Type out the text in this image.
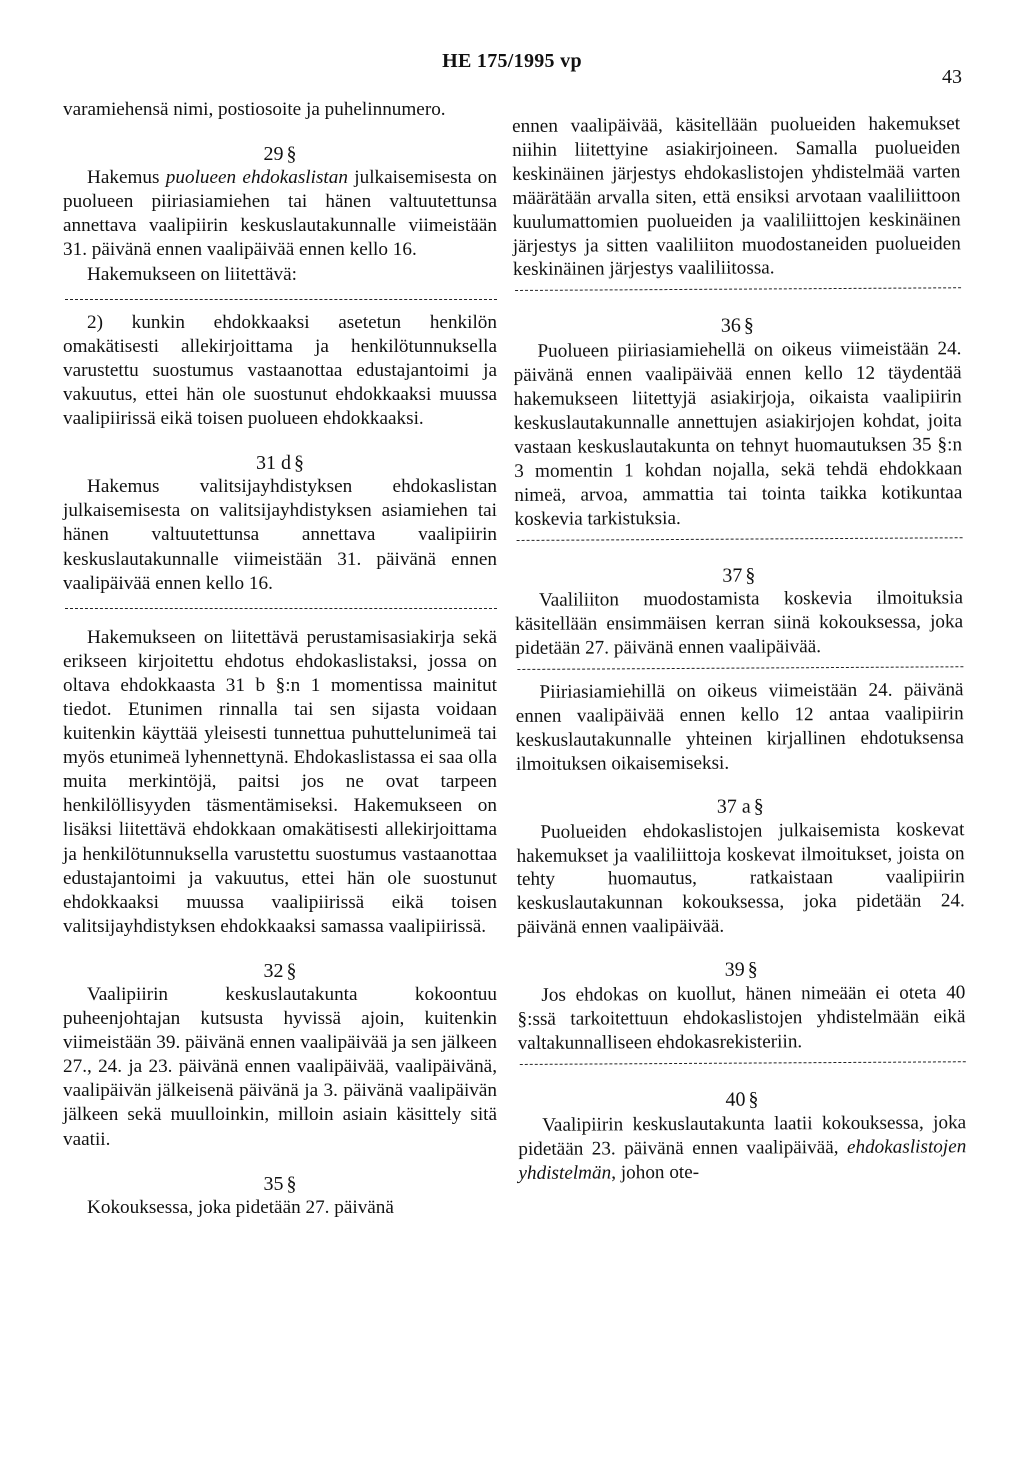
HE 175/1995 vp
43

varamiehensä nimi, postiosoite ja puhelinnumero.

29 §

Hakemus puolueen ehdokaslistan julkaisemisesta on puolueen piiriasiamiehen tai hänen valtuutettunsa annettava vaalipiirin keskuslautakunnalle viimeistään 31. päivänä ennen vaalipäivää ennen kello 16.

Hakemukseen on liitettävä:

2) kunkin ehdokkaaksi asetetun henkilön omakätisesti allekirjoittama ja henkilötunnuksella varustettu suostumus vastaanottaa edustajantoimi ja vakuutus, ettei hän ole suostunut ehdokkaaksi muussa vaalipiirissä eikä toisen puolueen ehdokkaaksi.

31 d §

Hakemus valitsijayhdistyksen ehdokaslistan julkaisemisesta on valitsijayhdistyksen asiamiehen tai hänen valtuutettunsa annettava vaalipiirin keskuslautakunnalle viimeistään 31. päivänä ennen vaalipäivää ennen kello 16.

Hakemukseen on liitettävä perustamisasiakirja sekä erikseen kirjoitettu ehdotus ehdokaslistaksi, jossa on oltava ehdokkaasta 31 b §:n 1 momentissa mainitut tiedot. Etunimen rinnalla tai sen sijasta voidaan kuitenkin käyttää yleisesti tunnettua puhuttelunimeä tai myös etunimeä lyhennettynä. Ehdokaslistassa ei saa olla muita merkintöjä, paitsi jos ne ovat tarpeen henkilöllisyyden täsmentämiseksi. Hakemukseen on lisäksi liitettävä ehdokkaan omakätisesti allekirjoittama ja henkilötunnuksella varustettu suostumus vastaanottaa edustajantoimi ja vakuutus, ettei hän ole suostunut ehdokkaaksi muussa vaalipiirissä eikä toisen valitsijayhdistyksen ehdokkaaksi samassa vaalipiirissä.

32 §

Vaalipiirin keskuslautakunta kokoontuu puheenjohtajan kutsusta hyvissä ajoin, kuitenkin viimeistään 39. päivänä ennen vaalipäivää ja sen jälkeen 27., 24. ja 23. päivänä ennen vaalipäivää, vaalipäivänä, vaalipäivän jälkeisenä päivänä ja 3. päivänä vaalipäivän jälkeen sekä muulloinkin, milloin asiain käsittely sitä vaatii.

35 §

Kokouksessa, joka pidetään 27. päivänä

ennen vaalipäivää, käsitellään puolueiden hakemukset niihin liitettyine asiakirjoineen. Samalla puolueiden keskinäinen järjestys ehdokaslistojen yhdistelmää varten määrätään arvalla siten, että ensiksi arvotaan vaaliliittoon kuulumattomien puolueiden ja vaaliliittojen keskinäinen järjestys ja sitten vaaliliiton muodostaneiden puolueiden keskinäinen järjestys vaaliliitossa.

36 §

Puolueen piiriasiamiehellä on oikeus viimeistään 24. päivänä ennen vaalipäivää ennen kello 12 täydentää hakemukseen liitettyjä asiakirjoja, oikaista vaalipiirin keskuslautakunnalle annettujen asiakirjojen kohdat, joita vastaan keskuslautakunta on tehnyt huomautuksen 35 §:n 3 momentin 1 kohdan nojalla, sekä tehdä ehdokkaan nimeä, arvoa, ammattia tai tointa taikka kotikuntaa koskevia tarkistuksia.

37 §

Vaaliliiton muodostamista koskevia ilmoituksia käsitellään ensimmäisen kerran siinä kokouksessa, joka pidetään 27. päivänä ennen vaalipäivää.

Piiriasiamiehillä on oikeus viimeistään 24. päivänä ennen vaalipäivää ennen kello 12 antaa vaalipiirin keskuslautakunnalle yhteinen kirjallinen ehdotuksensa ilmoituksen oikaisemiseksi.

37 a §

Puolueiden ehdokaslistojen julkaisemista koskevat hakemukset ja vaaliliittoja koskevat ilmoitukset, joista on tehty huomautus, ratkaistaan vaalipiirin keskuslautakunnan kokouksessa, joka pidetään 24. päivänä ennen vaalipäivää.

39 §

Jos ehdokas on kuollut, hänen nimeään ei oteta 40 §:ssä tarkoitettuun ehdokaslistojen yhdistelmään eikä valtakunnalliseen ehdokasrekisteriin.

40 §

Vaalipiirin keskuslautakunta laatii kokouksessa, joka pidetään 23. päivänä ennen vaalipäivää, ehdokaslistojen yhdistelmän, johon ote-
